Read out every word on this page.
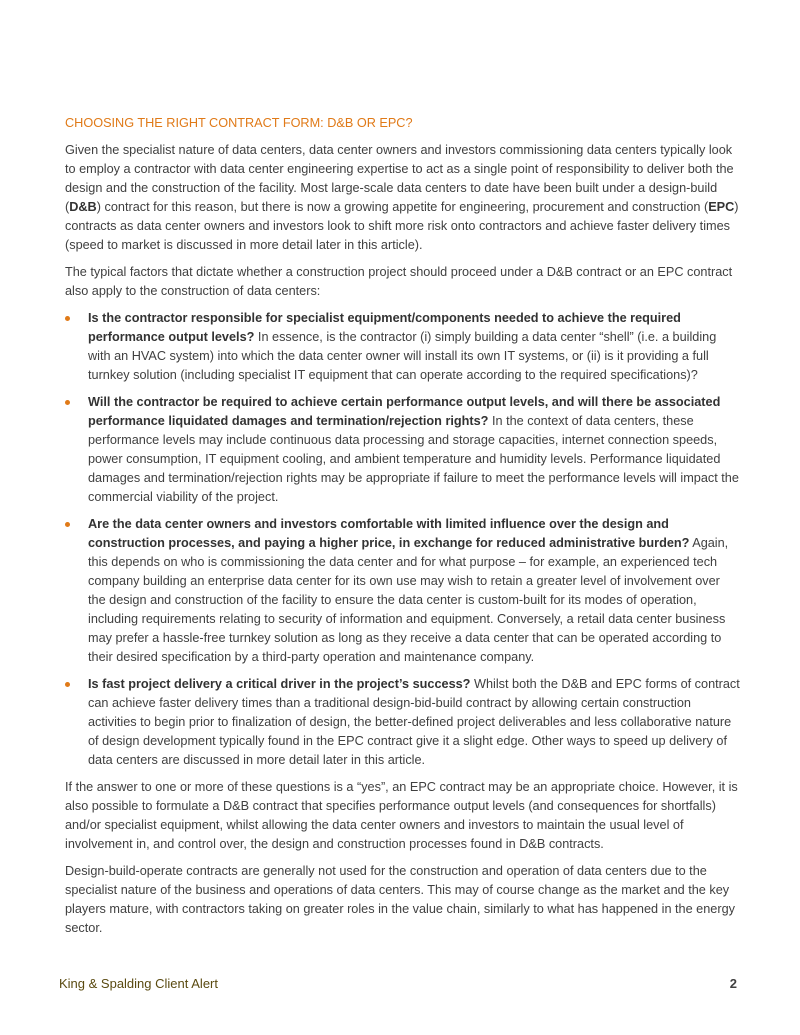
CHOOSING THE RIGHT CONTRACT FORM: D&B OR EPC?

Given the specialist nature of data centers, data center owners and investors commissioning data centers typically look to employ a contractor with data center engineering expertise to act as a single point of responsibility to deliver both the design and the construction of the facility. Most large-scale data centers to date have been built under a design-build (D&B) contract for this reason, but there is now a growing appetite for engineering, procurement and construction (EPC) contracts as data center owners and investors look to shift more risk onto contractors and achieve faster delivery times (speed to market is discussed in more detail later in this article).

The typical factors that dictate whether a construction project should proceed under a D&B contract or an EPC contract also apply to the construction of data centers:

Is the contractor responsible for specialist equipment/components needed to achieve the required performance output levels? In essence, is the contractor (i) simply building a data center “shell” (i.e. a building with an HVAC system) into which the data center owner will install its own IT systems, or (ii) is it providing a full turnkey solution (including specialist IT equipment that can operate according to the required specifications)?
Will the contractor be required to achieve certain performance output levels, and will there be associated performance liquidated damages and termination/rejection rights? In the context of data centers, these performance levels may include continuous data processing and storage capacities, internet connection speeds, power consumption, IT equipment cooling, and ambient temperature and humidity levels. Performance liquidated damages and termination/rejection rights may be appropriate if failure to meet the performance levels will impact the commercial viability of the project.
Are the data center owners and investors comfortable with limited influence over the design and construction processes, and paying a higher price, in exchange for reduced administrative burden? Again, this depends on who is commissioning the data center and for what purpose – for example, an experienced tech company building an enterprise data center for its own use may wish to retain a greater level of involvement over the design and construction of the facility to ensure the data center is custom-built for its modes of operation, including requirements relating to security of information and equipment. Conversely, a retail data center business may prefer a hassle-free turnkey solution as long as they receive a data center that can be operated according to their desired specification by a third-party operation and maintenance company.
Is fast project delivery a critical driver in the project’s success? Whilst both the D&B and EPC forms of contract can achieve faster delivery times than a traditional design-bid-build contract by allowing certain construction activities to begin prior to finalization of design, the better-defined project deliverables and less collaborative nature of design development typically found in the EPC contract give it a slight edge. Other ways to speed up delivery of data centers are discussed in more detail later in this article.

If the answer to one or more of these questions is a “yes”, an EPC contract may be an appropriate choice. However, it is also possible to formulate a D&B contract that specifies performance output levels (and consequences for shortfalls) and/or specialist equipment, whilst allowing the data center owners and investors to maintain the usual level of involvement in, and control over, the design and construction processes found in D&B contracts.

Design-build-operate contracts are generally not used for the construction and operation of data centers due to the specialist nature of the business and operations of data centers. This may of course change as the market and the key players mature, with contractors taking on greater roles in the value chain, similarly to what has happened in the energy sector.

King & Spalding Client Alert	2
